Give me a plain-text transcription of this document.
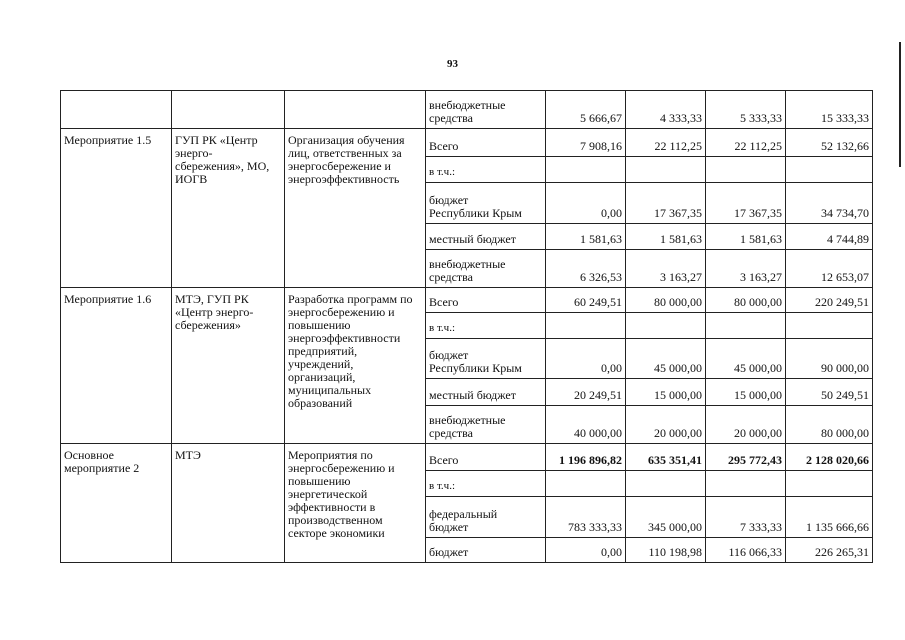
93
			внебюджетные
средства	5 666,67	4 333,33	5 333,33	15 333,33
Мероприятие 1.5	ГУП РК «Центр энерго-сбережения», МО, ИОГВ	Организация обучения лиц, ответственных за энергосбережение и энергоэффективность	Всего	7 908,16	22 112,25	22 112,25	52 132,66
			в т.ч.:				
			бюджет
Республики Крым	0,00	17 367,35	17 367,35	34 734,70
			местный бюджет	1 581,63	1 581,63	1 581,63	4 744,89
			внебюджетные
средства	6 326,53	3 163,27	3 163,27	12 653,07
Мероприятие 1.6	МТЭ, ГУП РК «Центр энерго-сбережения»	Разработка программ по энергосбережению и повышению энергоэффективности предприятий, учреждений, организаций, муниципальных образований	Всего	60 249,51	80 000,00	80 000,00	220 249,51
			в т.ч.:				
			бюджет
Республики Крым	0,00	45 000,00	45 000,00	90 000,00
			местный бюджет	20 249,51	15 000,00	15 000,00	50 249,51
			внебюджетные
средства	40 000,00	20 000,00	20 000,00	80 000,00
Основное мероприятие 2	МТЭ	Мероприятия по энергосбережению и повышению энергетической эффективности в производственном секторе экономики	Всего	1 196 896,82	635 351,41	295 772,43	2 128 020,66
			в т.ч.:				
			федеральный
бюджет	783 333,33	345 000,00	7 333,33	1 135 666,66
			бюджет	0,00	110 198,98	116 066,33	226 265,31
